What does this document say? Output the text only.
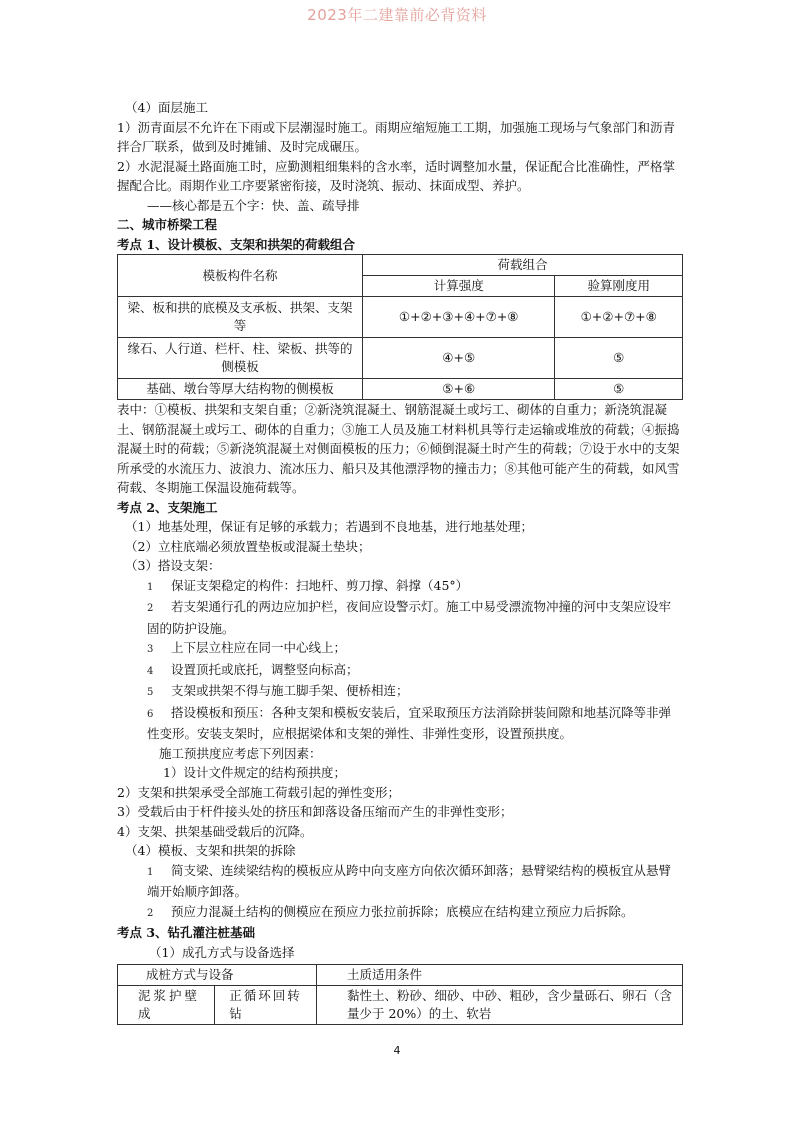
2023年二建靠前必背资料

（4）面层施工

1）沥青面层不允许在下雨或下层潮湿时施工。雨期应缩短施工工期，加强施工现场与气象部门和沥青拌合厂联系，做到及时摊铺、及时完成碾压。

2）水泥混凝土路面施工时，应勤测粗细集料的含水率，适时调整加水量，保证配合比准确性，严格掌握配合比。雨期作业工序要紧密衔接，及时浇筑、振动、抹面成型、养护。

——核心都是五个字：快、盖、疏导排

二、城市桥梁工程

考点 1、设计模板、支架和拱架的荷载组合

模板构件名称	荷载组合	
	计算强度	验算刚度用
梁、板和拱的底模及支承板、拱架、支架等	①+②+③+④+⑦+⑧	①+②+⑦+⑧
缘石、人行道、栏杆、柱、梁板、拱等的侧模板	④+⑤	⑤
基础、墩台等厚大结构物的侧模板	⑤+⑥	⑤

表中：①模板、拱架和支架自重；②新浇筑混凝土、钢筋混凝土或圬工、砌体的自重力；新浇筑混凝土、钢筋混凝土或圬工、砌体的自重力；③施工人员及施工材料机具等行走运输或堆放的荷载；④振捣混凝土时的荷载；⑤新浇筑混凝土对侧面模板的压力；⑥倾倒混凝土时产生的荷载；⑦设于水中的支架所承受的水流压力、波浪力、流冰压力、船只及其他漂浮物的撞击力；⑧其他可能产生的荷载，如风雪荷载、冬期施工保温设施荷载等。

考点 2、支架施工

（1）地基处理，保证有足够的承载力；若遇到不良地基，进行地基处理；

（2）立柱底端必须放置垫板或混凝土垫块；

（3）搭设支架：

1 保证支架稳定的构件：扫地杆、剪刀撑、斜撑（45°）

2 若支架通行孔的两边应加护栏，夜间应设警示灯。施工中易受漂流物冲撞的河中支架应设牢固的防护设施。

3 上下层立柱应在同一中心线上；

4 设置顶托或底托，调整竖向标高；

5 支架或拱架不得与施工脚手架、便桥相连；

6 搭设模板和预压：各种支架和模板安装后，宜采取预压方法消除拼装间隙和地基沉降等非弹性变形。安装支架时，应根据梁体和支架的弹性、非弹性变形，设置预拱度。

施工预拱度应考虑下列因素：

1）设计文件规定的结构预拱度；

2）支架和拱架承受全部施工荷载引起的弹性变形；

3）受载后由于杆件接头处的挤压和卸落设备压缩而产生的非弹性变形；

4）支架、拱架基础受载后的沉降。

（4）模板、支架和拱架的拆除

1 简支梁、连续梁结构的模板应从跨中向支座方向依次循环卸落；悬臂梁结构的模板宜从悬臂端开始顺序卸落。

2 预应力混凝土结构的侧模应在预应力张拉前拆除；底模应在结构建立预应力后拆除。

考点 3、钻孔灌注桩基础

（1）成孔方式与设备选择

成桩方式与设备		土质适用条件
泥浆护壁成	正循环回转钻	黏性土、粉砂、细砂、中砂、粗砂，含少量砾石、卵石（含量少于 20%）的土、软岩
4
